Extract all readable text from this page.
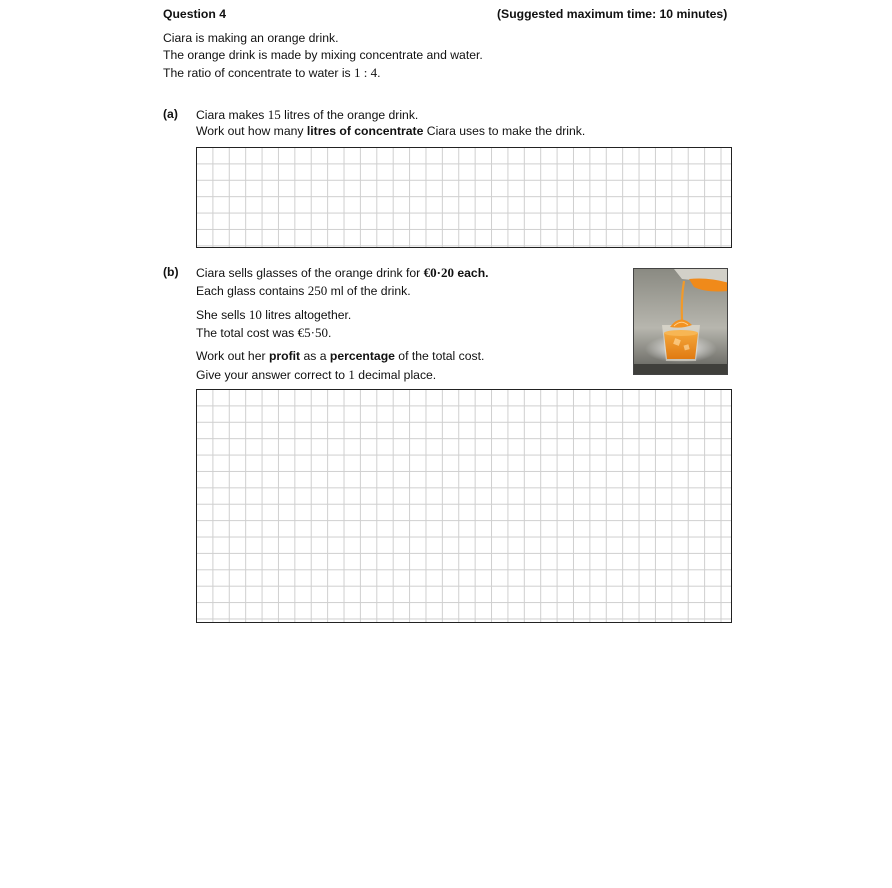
Question 4	(Suggested maximum time: 10 minutes)
Ciara is making an orange drink.
The orange drink is made by mixing concentrate and water.
The ratio of concentrate to water is 1 : 4.
(a) Ciara makes 15 litres of the orange drink.
Work out how many litres of concentrate Ciara uses to make the drink.
(b) Ciara sells glasses of the orange drink for €0·20 each.
Each glass contains 250 ml of the drink.
She sells 10 litres altogether.
The total cost was €5·50.
Work out her profit as a percentage of the total cost.
Give your answer correct to 1 decimal place.
